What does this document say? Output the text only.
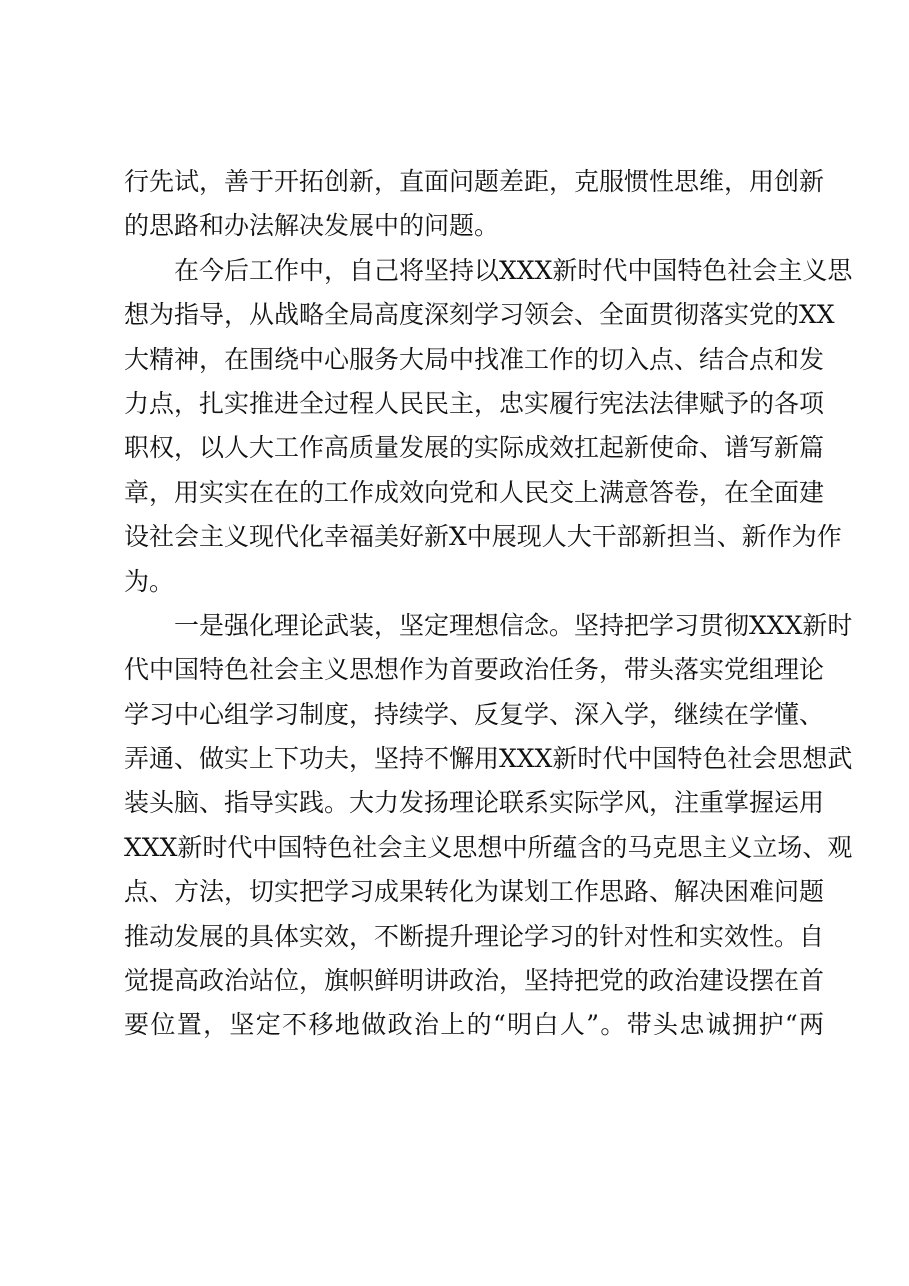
行先试，善于开拓创新，直面问题差距，克服惯性思维，用创新
的思路和办法解决发展中的问题。
在今后工作中，自己将坚持以XXX新时代中国特色社会主义思
想为指导，从战略全局高度深刻学习领会、全面贯彻落实党的XX
大精神，在围绕中心服务大局中找准工作的切入点、结合点和发
力点，扎实推进全过程人民民主，忠实履行宪法法律赋予的各项
职权，以人大工作高质量发展的实际成效扛起新使命、谱写新篇
章，用实实在在的工作成效向党和人民交上满意答卷，在全面建
设社会主义现代化幸福美好新X中展现人大干部新担当、新作为作
为。
一是强化理论武装，坚定理想信念。坚持把学习贯彻XXX新时
代中国特色社会主义思想作为首要政治任务，带头落实党组理论
学习中心组学习制度，持续学、反复学、深入学，继续在学懂、
弄通、做实上下功夫，坚持不懈用XXX新时代中国特色社会思想武
装头脑、指导实践。大力发扬理论联系实际学风，注重掌握运用
XXX新时代中国特色社会主义思想中所蕴含的马克思主义立场、观
点、方法，切实把学习成果转化为谋划工作思路、解决困难问题
推动发展的具体实效，不断提升理论学习的针对性和实效性。自
觉提高政治站位，旗帜鲜明讲政治，坚持把党的政治建设摆在首
要位置，坚定不移地做政治上的“明白人”。带头忠诚拥护“两
